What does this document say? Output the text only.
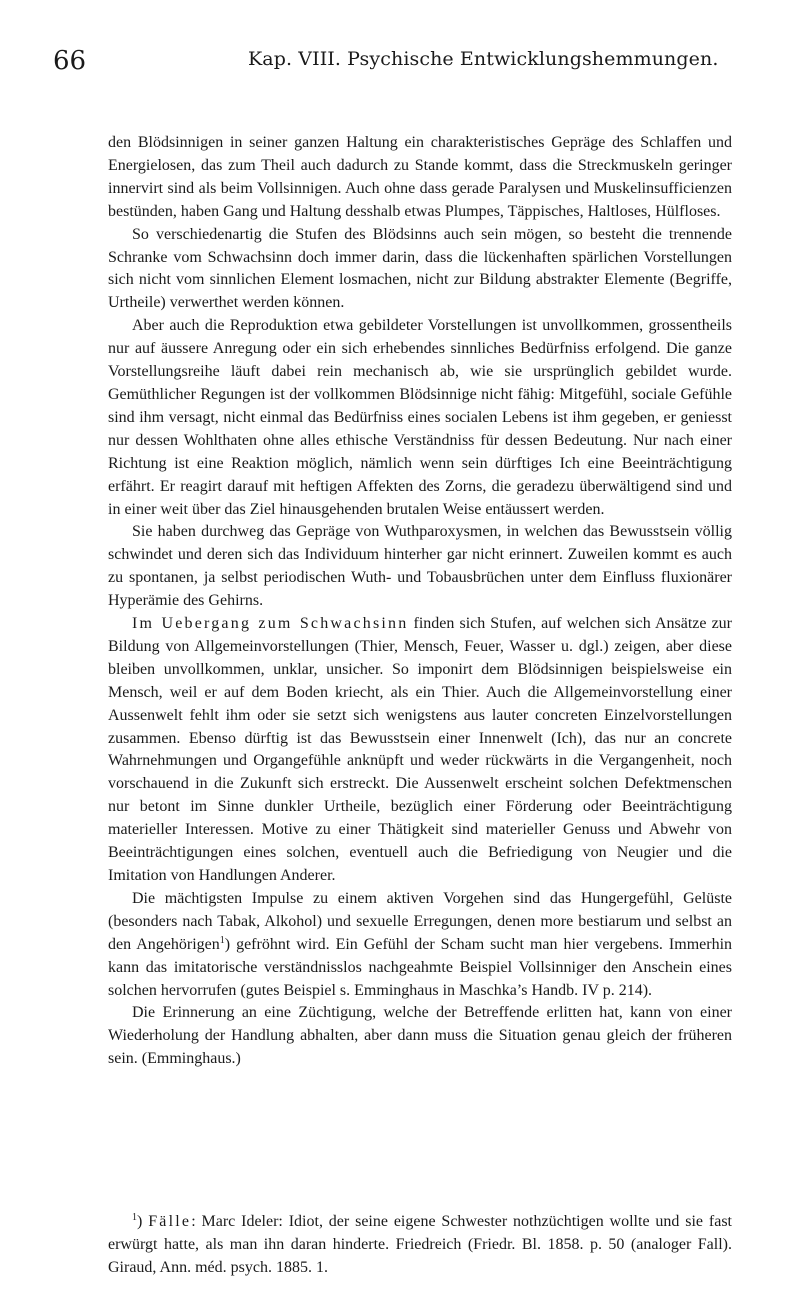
66	Kap. VIII. Psychische Entwicklungshemmungen.

den Blödsinnigen in seiner ganzen Haltung ein charakteristisches Gepräge des Schlaffen und Energielosen, das zum Theil auch dadurch zu Stande kommt, dass die Streckmuskeln geringer innervirt sind als beim Vollsinnigen. Auch ohne dass gerade Paralysen und Muskelinsufficienzen bestünden, haben Gang und Haltung desshalb etwas Plumpes, Täppisches, Haltloses, Hülfloses.

So verschiedenartig die Stufen des Blödsinns auch sein mögen, so besteht die trennende Schranke vom Schwachsinn doch immer darin, dass die lückenhaften spärlichen Vorstellungen sich nicht vom sinnlichen Element losmachen, nicht zur Bildung abstrakter Elemente (Begriffe, Urtheile) verwerthet werden können.

Aber auch die Reproduktion etwa gebildeter Vorstellungen ist unvollkommen, grossentheils nur auf äussere Anregung oder ein sich erhebendes sinnliches Bedürfniss erfolgend. Die ganze Vorstellungsreihe läuft dabei rein mechanisch ab, wie sie ursprünglich gebildet wurde. Gemüthlicher Regungen ist der vollkommen Blödsinnige nicht fähig: Mitgefühl, sociale Gefühle sind ihm versagt, nicht einmal das Bedürfniss eines socialen Lebens ist ihm gegeben, er geniesst nur dessen Wohlthaten ohne alles ethische Verständniss für dessen Bedeutung. Nur nach einer Richtung ist eine Reaktion möglich, nämlich wenn sein dürftiges Ich eine Beeinträchtigung erfährt. Er reagirt darauf mit heftigen Affekten des Zorns, die geradezu überwältigend sind und in einer weit über das Ziel hinausgehenden brutalen Weise entäussert werden.

Sie haben durchweg das Gepräge von Wuthparoxysmen, in welchen das Bewusstsein völlig schwindet und deren sich das Individuum hinterher gar nicht erinnert. Zuweilen kommt es auch zu spontanen, ja selbst periodischen Wuth- und Tobausbrüchen unter dem Einfluss fluxionärer Hyperämie des Gehirns.

Im Uebergang zum Schwachsinn finden sich Stufen, auf welchen sich Ansätze zur Bildung von Allgemeinvorstellungen (Thier, Mensch, Feuer, Wasser u. dgl.) zeigen, aber diese bleiben unvollkommen, unklar, unsicher. So imponirt dem Blödsinnigen beispielsweise ein Mensch, weil er auf dem Boden kriecht, als ein Thier. Auch die Allgemeinvorstellung einer Aussenwelt fehlt ihm oder sie setzt sich wenigstens aus lauter concreten Einzelvorstellungen zusammen. Ebenso dürftig ist das Bewusstsein einer Innenwelt (Ich), das nur an concrete Wahrnehmungen und Organgefühle anknüpft und weder rückwärts in die Vergangenheit, noch vorschauend in die Zukunft sich erstreckt. Die Aussenwelt erscheint solchen Defektmenschen nur betont im Sinne dunkler Urtheile, bezüglich einer Förderung oder Beeinträchtigung materieller Interessen. Motive zu einer Thätigkeit sind materieller Genuss und Abwehr von Beeinträchtigungen eines solchen, eventuell auch die Befriedigung von Neugier und die Imitation von Handlungen Anderer.

Die mächtigsten Impulse zu einem aktiven Vorgehen sind das Hungergefühl, Gelüste (besonders nach Tabak, Alkohol) und sexuelle Erregungen, denen more bestiarum und selbst an den Angehörigen$^1$) gefröhnt wird. Ein Gefühl der Scham sucht man hier vergebens. Immerhin kann das imitatorische verständnisslos nachgeahmte Beispiel Vollsinniger den Anschein eines solchen hervorrufen (gutes Beispiel s. Emminghaus in Maschka’s Handb. IV p. 214).

Die Erinnerung an eine Züchtigung, welche der Betreffende erlitten hat, kann von einer Wiederholung der Handlung abhalten, aber dann muss die Situation genau gleich der früheren sein. (Emminghaus.)

$^1$) Fälle: Marc Ideler: Idiot, der seine eigene Schwester nothzüchtigen wollte und sie fast erwürgt hatte, als man ihn daran hinderte. Friedreich (Friedr. Bl. 1858. p. 50 (analoger Fall). Giraud, Ann. méd. psych. 1885. 1.
